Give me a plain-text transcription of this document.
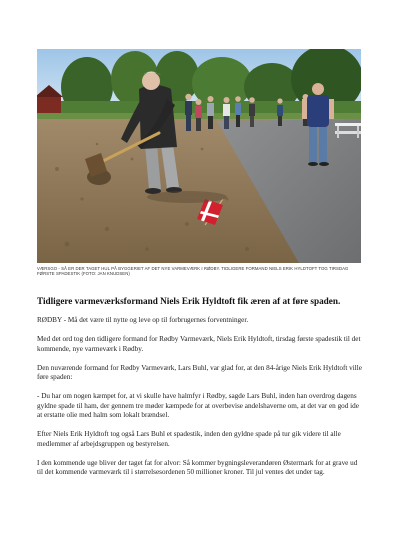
VÆRSGO - SÅ ER DER TAGET HUL PÅ BYGGERIET AF DET NYE VARMEVÆRK I RØDBY. TIDLIGERE FORMAND NIELS ERIK HYLDTOFT TOG TIRSDAG FØRSTE SPADESTIK (FOTO: JAN KNUDSEN)
Tidligere varmeværksformand Niels Erik Hyldtoft fik æren af at føre spaden.

RØDBY - Må det være til nytte og leve op til forbrugernes forventninger.

Med det ord tog den tidligere formand for Rødby Varmeværk, Niels Erik Hyldtoft, tirsdag første spadestik til det kommende, nye varmeværk i Rødby.

Den nuværende formand for Rødby Varmeværk, Lars Buhl, var glad for, at den 84-årige Niels Erik Hyldtoft ville føre spaden:

- Du har om nogen kæmpet for, at vi skulle have halmfyr i Rødby, sagde Lars Buhl, inden han overdrog dagens gyldne spade til ham, der gennem tre møder kæmpede for at overbevise andelshaverne om, at det var en god ide at erstatte olie med halm som lokalt brændsel.

Efter Niels Erik Hyldtoft tog også Lars Buhl et spadestik, inden den gyldne spade på tur gik videre til alle medlemmer af arbejdsgruppen og bestyrelsen.

I den kommende uge bliver der taget fat for alvor: Så kommer bygningsleverandøren Østermark for at grave ud til det kommende varmeværk til i størrelsesordenen 50 millioner kroner. Til jul ventes det under tag.
